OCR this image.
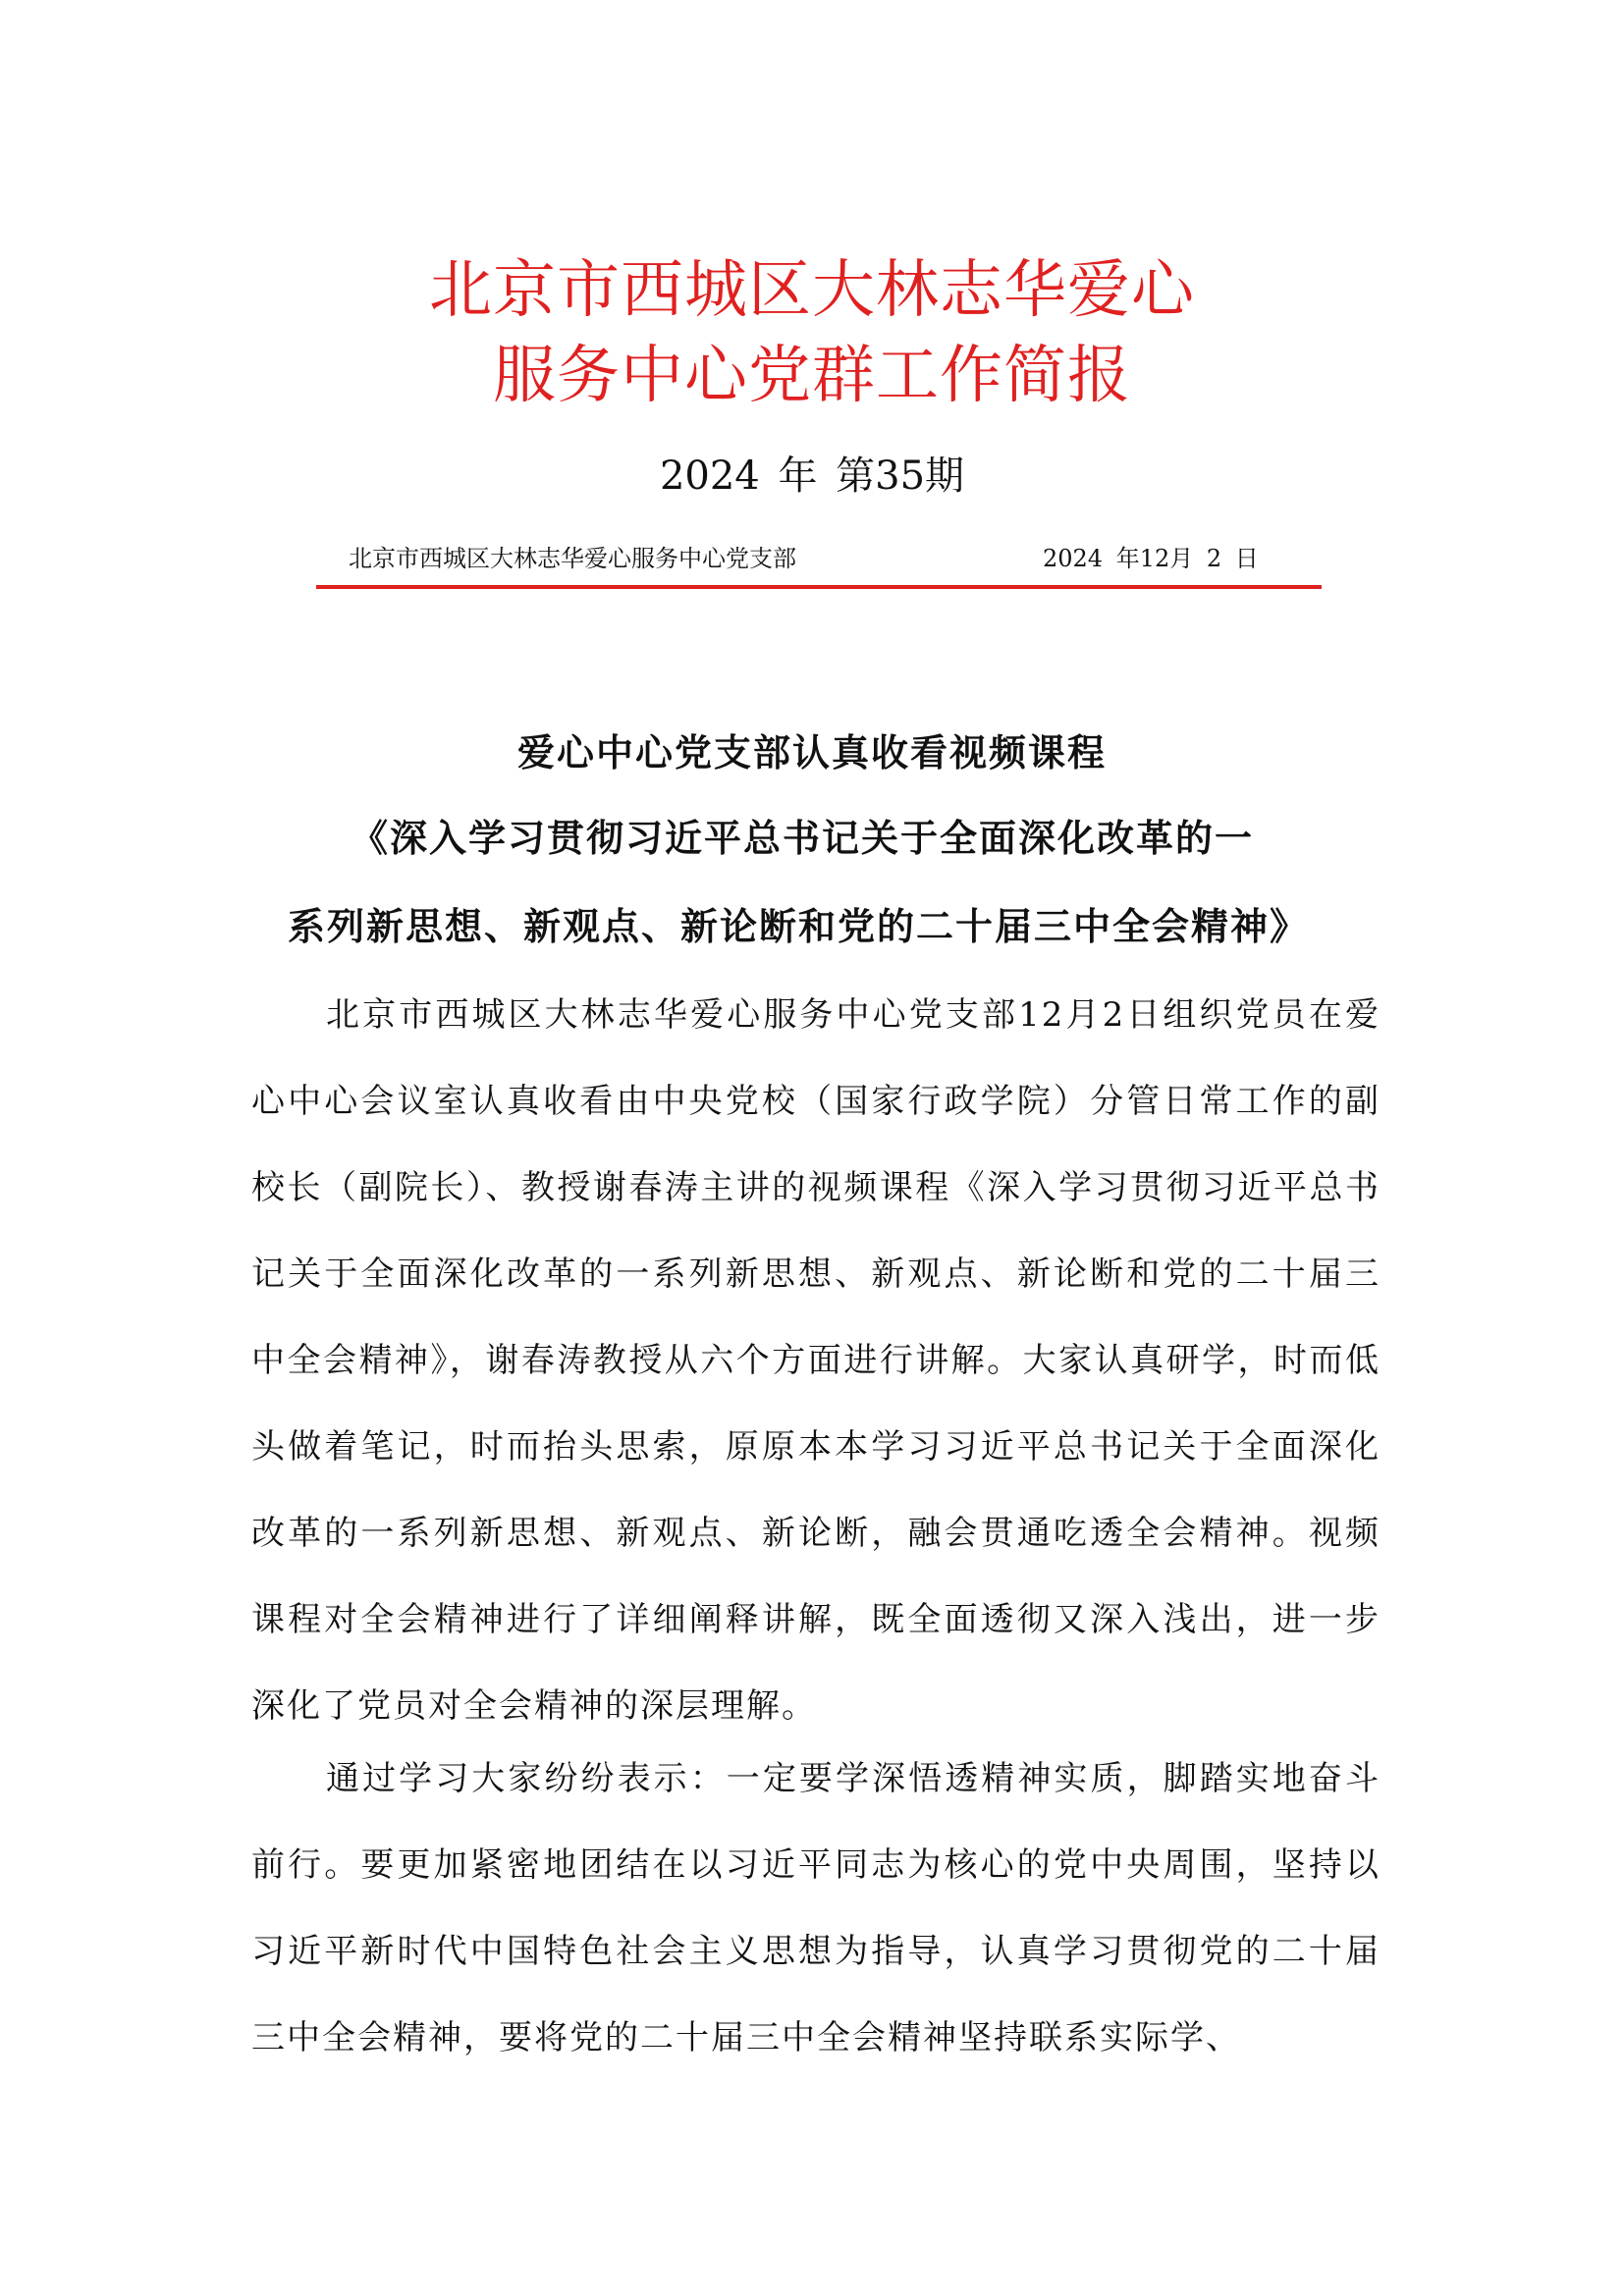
北京市西城区大林志华爱心
服务中心党群工作简报
2024 年 第35期
北京市西城区大林志华爱心服务中心党支部	2024 年12月 2 日
爱心中心党支部认真收看视频课程
《深入学习贯彻习近平总书记关于全面深化改革的一
系列新思想、新观点、新论断和党的二十届三中全会精神》

北京市西城区大林志华爱心服务中心党支部12月2日组织党员在爱心中心会议室认真收看由中央党校（国家行政学院）分管日常工作的副校长（副院长）、教授谢春涛主讲的视频课程《深入学习贯彻习近平总书记关于全面深化改革的一系列新思想、新观点、新论断和党的二十届三中全会精神》，谢春涛教授从六个方面进行讲解。大家认真研学，时而低头做着笔记，时而抬头思索，原原本本学习习近平总书记关于全面深化改革的一系列新思想、新观点、新论断，融会贯通吃透全会精神。视频课程对全会精神进行了详细阐释讲解，既全面透彻又深入浅出，进一步深化了党员对全会精神的深层理解。

通过学习大家纷纷表示：一定要学深悟透精神实质，脚踏实地奋斗前行。要更加紧密地团结在以习近平同志为核心的党中央周围，坚持以习近平新时代中国特色社会主义思想为指导，认真学习贯彻党的二十届三中全会精神，要将党的二十届三中全会精神坚持联系实际学、
